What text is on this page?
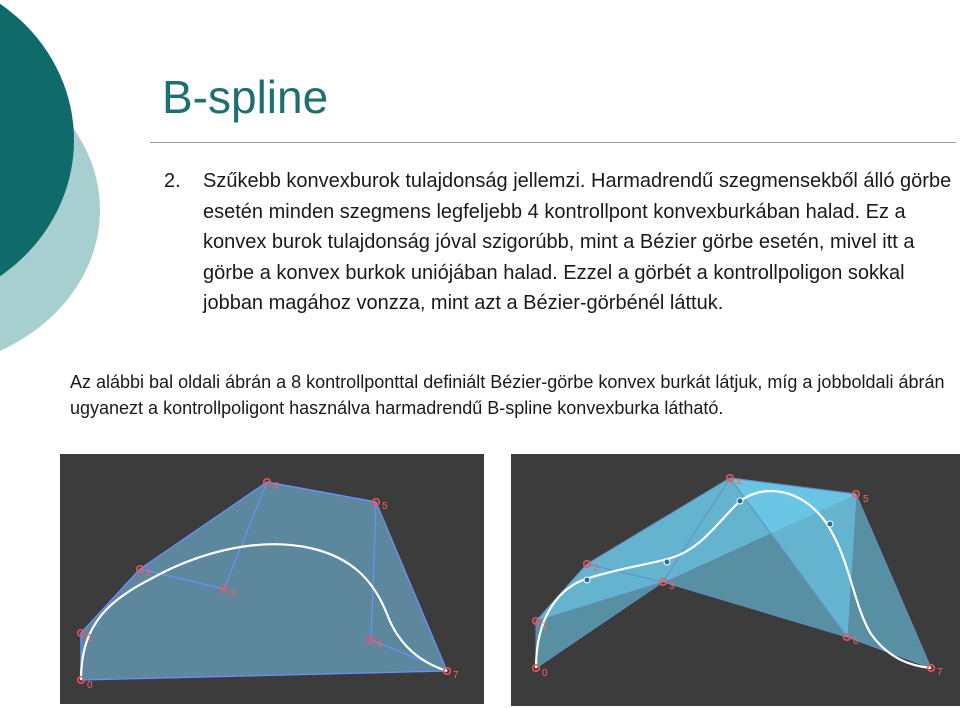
B-spline
2. Szűkebb konvexburok tulajdonság jellemzi. Harmadrendű szegmensekből álló görbe esetén minden szegmens legfeljebb 4 kontrollpont konvexburkában halad. Ez a konvex burok tulajdonság jóval szigorúbb, mint a Bézier görbe esetén, mivel itt a görbe a konvex burkok uniójában halad. Ezzel a görbét a kontrollpoligon sokkal jobban magához vonzza, mint azt a Bézier-görbénél láttuk.
Az alábbi bal oldali ábrán a 8 kontrollponttal definiált Bézier-görbe konvex burkát látjuk, míg a jobboldali ábrán ugyanezt a kontrollpoligont használva harmadrendű B-spline konvexburka látható.
0
1
2
3
4
5
6
7	0
1
2
3
4
5
6
7
